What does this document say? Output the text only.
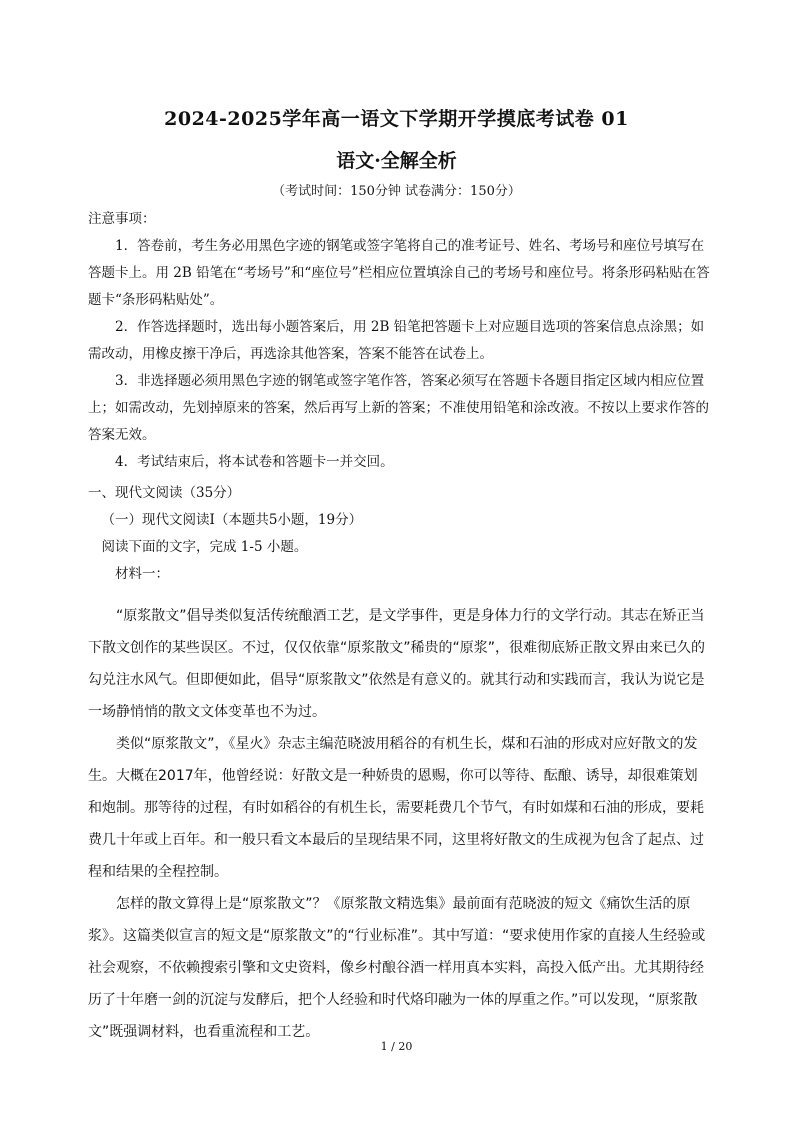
2024-2025学年高一语文下学期开学摸底考试卷 01
语文·全解全析
（考试时间：150分钟 试卷满分：150分）

注意事项：

1．答卷前，考生务必用黑色字迹的钢笔或签字笔将自己的准考证号、姓名、考场号和座位号填写在答题卡上。用 2B 铅笔在“考场号”和“座位号”栏相应位置填涂自己的考场号和座位号。将条形码粘贴在答题卡“条形码粘贴处”。

2．作答选择题时，选出每小题答案后，用 2B 铅笔把答题卡上对应题目选项的答案信息点涂黑；如需改动，用橡皮擦干净后，再选涂其他答案，答案不能答在试卷上。

3．非选择题必须用黑色字迹的钢笔或签字笔作答，答案必须写在答题卡各题目指定区域内相应位置上；如需改动，先划掉原来的答案，然后再写上新的答案；不准使用铅笔和涂改液。不按以上要求作答的答案无效。

4．考试结束后，将本试卷和答题卡一并交回。

一、现代文阅读（35分）

（一）现代文阅读Ⅰ（本题共5小题，19分）

阅读下面的文字，完成 1-5 小题。

材料一：

“原浆散文”倡导类似复活传统酿酒工艺，是文学事件，更是身体力行的文学行动。其志在矫正当下散文创作的某些误区。不过，仅仅依靠“原浆散文”稀贵的“原浆”，很难彻底矫正散文界由来已久的勾兑注水风气。但即便如此，倡导“原浆散文”依然是有意义的。就其行动和实践而言，我认为说它是一场静悄悄的散文文体变革也不为过。

类似“原浆散文”，《星火》杂志主编范晓波用稻谷的有机生长，煤和石油的形成对应好散文的发生。大概在2017年，他曾经说：好散文是一种娇贵的恩赐，你可以等待、酝酿、诱导，却很难策划和炮制。那等待的过程，有时如稻谷的有机生长，需要耗费几个节气，有时如煤和石油的形成，要耗费几十年或上百年。和一般只看文本最后的呈现结果不同，这里将好散文的生成视为包含了起点、过程和结果的全程控制。

怎样的散文算得上是“原浆散文”？《原浆散文精选集》最前面有范晓波的短文《痛饮生活的原浆》。这篇类似宣言的短文是“原浆散文”的“行业标准”。其中写道：“要求使用作家的直接人生经验或社会观察，不依赖搜索引擎和文史资料，像乡村酿谷酒一样用真本实料，高投入低产出。尤其期待经历了十年磨一剑的沉淀与发酵后，把个人经验和时代烙印融为一体的厚重之作。”可以发现，“原浆散文”既强调材料，也看重流程和工艺。

1 / 20
